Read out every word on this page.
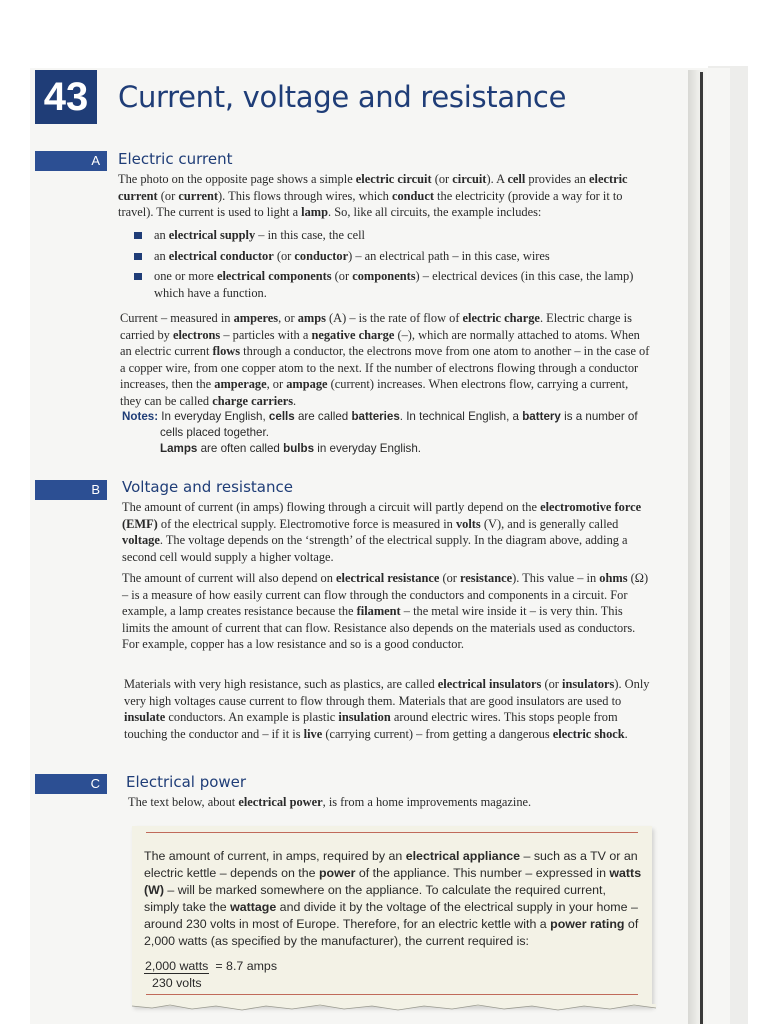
43	Current, voltage and resistance
A	Electric current
The photo on the opposite page shows a simple electric circuit (or circuit). A cell provides an electric current (or current). This flows through wires, which conduct the electricity (provide a way for it to travel). The current is used to light a lamp. So, like all circuits, the example includes:
an electrical supply – in this case, the cell
an electrical conductor (or conductor) – an electrical path – in this case, wires
one or more electrical components (or components) – electrical devices (in this case, the lamp) which have a function.
Current – measured in amperes, or amps (A) – is the rate of flow of electric charge. Electric charge is carried by electrons – particles with a negative charge (–), which are normally attached to atoms. When an electric current flows through a conductor, the electrons move from one atom to another – in the case of a copper wire, from one copper atom to the next. If the number of electrons flowing through a conductor increases, then the amperage, or ampage (current) increases. When electrons flow, carrying a current, they can be called charge carriers.
Notes: In everyday English, cells are called batteries. In technical English, a battery is a number of
cells placed together.
Lamps are often called bulbs in everyday English.
B	Voltage and resistance
The amount of current (in amps) flowing through a circuit will partly depend on the electromotive force (EMF) of the electrical supply. Electromotive force is measured in volts (V), and is generally called voltage. The voltage depends on the ‘strength’ of the electrical supply. In the diagram above, adding a second cell would supply a higher voltage.
The amount of current will also depend on electrical resistance (or resistance). This value – in ohms (Ω) – is a measure of how easily current can flow through the conductors and components in a circuit. For example, a lamp creates resistance because the filament – the metal wire inside it – is very thin. This limits the amount of current that can flow. Resistance also depends on the materials used as conductors. For example, copper has a low resistance and so is a good conductor.
Materials with very high resistance, such as plastics, are called electrical insulators (or insulators). Only very high voltages cause current to flow through them. Materials that are good insulators are used to insulate conductors. An example is plastic insulation around electric wires. This stops people from touching the conductor and – if it is live (carrying current) – from getting a dangerous electric shock.
C	Electrical power
The text below, about electrical power, is from a home improvements magazine.
The amount of current, in amps, required by an electrical appliance – such as a TV or an electric kettle – depends on the power of the appliance. This number – expressed in watts (W) – will be marked somewhere on the appliance. To calculate the required current, simply take the wattage and divide it by the voltage of the electrical supply in your home – around 230 volts in most of Europe. Therefore, for an electric kettle with a power rating of 2,000 watts (as specified by the manufacturer), the current required is:
2,000 watts = 8.7 amps
230 volts
